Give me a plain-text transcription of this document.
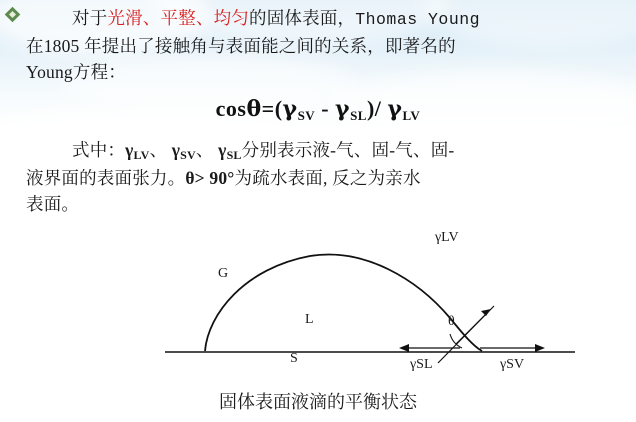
对于光滑、平整、均匀的固体表面，Thomas Young
在1805 年提出了接触角与表面能之间的关系，即著名的
Young方程：
cosθ=(γSV - γSL)/ γLV
式中：γLV、 γSV、 γSL分别表示液-气、固-气、固-
液界面的表面张力。θ> 90°为疏水表面, 反之为亲水
表面。
G
L
S
γLV
γSL	γSV
θ
固体表面液滴的平衡状态
